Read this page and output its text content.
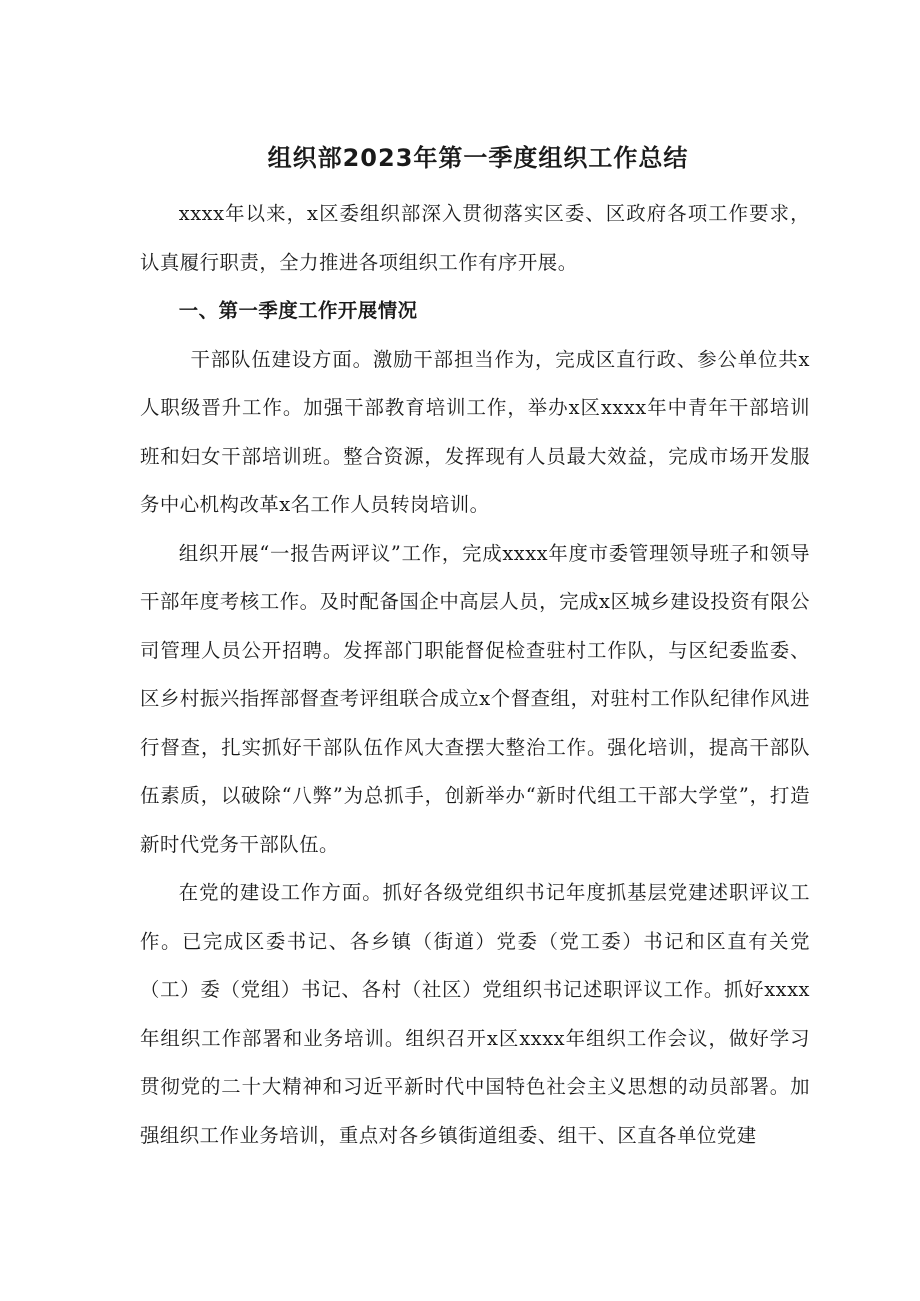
组织部2023年第一季度组织工作总结

xxxx年以来，x区委组织部深入贯彻落实区委、区政府各项工作要求，认真履行职责，全力推进各项组织工作有序开展。

一、第一季度工作开展情况

干部队伍建设方面。激励干部担当作为，完成区直行政、参公单位共x人职级晋升工作。加强干部教育培训工作，举办x区xxxx年中青年干部培训班和妇女干部培训班。整合资源，发挥现有人员最大效益，完成市场开发服务中心机构改革x名工作人员转岗培训。

组织开展“一报告两评议”工作，完成xxxx年度市委管理领导班子和领导干部年度考核工作。及时配备国企中高层人员，完成x区城乡建设投资有限公司管理人员公开招聘。发挥部门职能督促检查驻村工作队，与区纪委监委、区乡村振兴指挥部督查考评组联合成立x个督查组，对驻村工作队纪律作风进行督查，扎实抓好干部队伍作风大查摆大整治工作。强化培训，提高干部队伍素质，以破除“八弊”为总抓手，创新举办“新时代组工干部大学堂”，打造新时代党务干部队伍。

在党的建设工作方面。抓好各级党组织书记年度抓基层党建述职评议工作。已完成区委书记、各乡镇（街道）党委（党工委）书记和区直有关党（工）委（党组）书记、各村（社区）党组织书记述职评议工作。抓好xxxx年组织工作部署和业务培训。组织召开x区xxxx年组织工作会议，做好学习贯彻党的二十大精神和习近平新时代中国特色社会主义思想的动员部署。加强组织工作业务培训，重点对各乡镇街道组委、组干、区直各单位党建
